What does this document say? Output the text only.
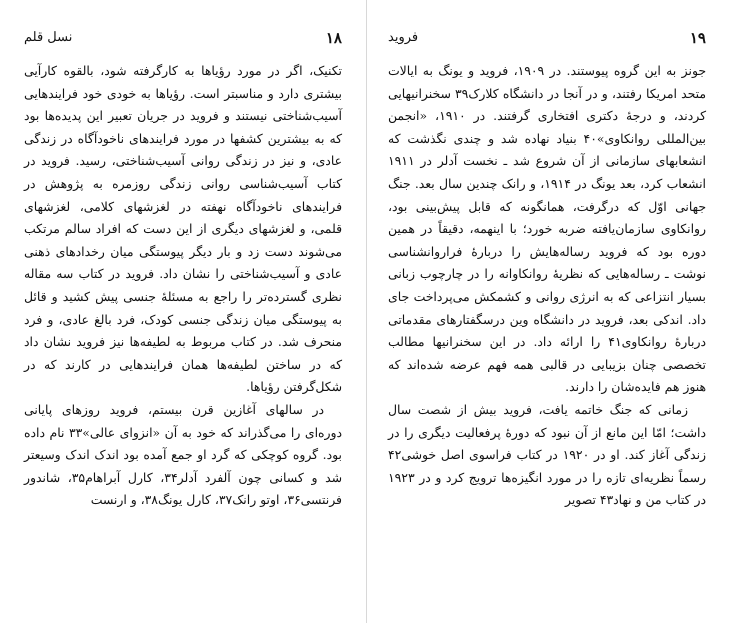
۱۸
نسل قلم

تکنیک، اگر در مورد رؤیاها به کارگرفته شود، بالقوه کارآیی بیشتری دارد و مناسبتر است. رؤیاها به خودی خود فرایندهایی آسیب‌شناختی نیستند و فروید در جریان تعبیر این پدیده‌ها بود که به بیشترین کشفها در مورد فرایندهای ناخودآگاه در زندگی عادی، و نیز در زندگی روانی آسیب‌شناختی، رسید. فروید در کتاب آسیب‌شناسی روانی زندگی روزمره به پژوهش در فرایندهای ناخودآگاه نهفته در لغزشهای کلامی، لغزشهای قلمی، و لغزشهای دیگری از این دست که افراد سالم مرتکب می‌شوند دست زد و بار دیگر پیوستگی میان رخدادهای ذهنی عادی و آسیب‌شناختی را نشان داد. فروید در کتاب سه مقاله نظری گسترده‌تر را راجع به مسئلهٔ جنسی پیش کشید و قائل به پیوستگی میان زندگی جنسی کودک، فرد بالغ عادی، و فرد منحرف شد. در کتاب مربوط به لطیفه‌ها نیز فروید نشان داد که در ساختن لطیفه‌ها همان فرایندهایی در کارند که در شکل‌گرفتن رؤیاها.

در سالهای آغازین قرن بیستم، فروید روزهای پایانی دوره‌ای را می‌گذراند که خود به آن «انزوای عالی»۳۳ نام داده بود. گروه کوچکی که گرد او جمع آمده بود اندک اندک وسیعتر شد و کسانی چون آلفرد آدلر۳۴، کارل آبراهام۳۵، شاندور فرنتسی۳۶، اوتو رانک۳۷، کارل یونگ۳۸، و ارنست

۱۹
فروید

جونز به این گروه پیوستند. در ۱۹۰۹، فروید و یونگ به ایالات متحد امریکا رفتند، و در آنجا در دانشگاه کلارک۳۹ سخنرانیهایی کردند، و درجهٔ دکتری افتخاری گرفتند. در ۱۹۱۰، «انجمن بین‌المللی روانکاوی»۴۰ بنیاد نهاده شد و چندی نگذشت که انشعابهای سازمانی از آن شروع شد ـ نخست آدلر در ۱۹۱۱ انشعاب کرد، بعد یونگ در ۱۹۱۴، و رانک چندین سال بعد. جنگ جهانی اوّل که درگرفت، همانگونه که قابل پیش‌بینی بود، روانکاوی سازمان‌یافته ضربه خورد؛ با اینهمه، دقیقاً در همین دوره بود که فروید رساله‌هایش را دربارهٔ فراروانشناسی نوشت ـ رساله‌هایی که نظریهٔ روانکاوانه را در چارچوب زبانی بسیار انتزاعی که به انرژی روانی و کشمکش می‌پرداخت جای داد. اندکی بعد، فروید در دانشگاه وین درسگفتارهای مقدماتی دربارهٔ روانکاوی۴۱ را ارائه داد. در این سخنرانیها مطالب تخصصی چنان بزیبایی در قالبی همه فهم عرضه شده‌اند که هنوز هم فایده‌شان را دارند.

زمانی که جنگ خاتمه یافت، فروید بیش از شصت سال داشت؛ امّا این مانع از آن نبود که دورهٔ پرفعالیت دیگری را در زندگی آغاز کند. او در ۱۹۲۰ در کتاب فراسوی اصل خوشی۴۲ رسماً نظریه‌ای تازه را در مورد انگیزه‌ها ترویج کرد و در ۱۹۲۳ در کتاب من و نهاد۴۳ تصویر
